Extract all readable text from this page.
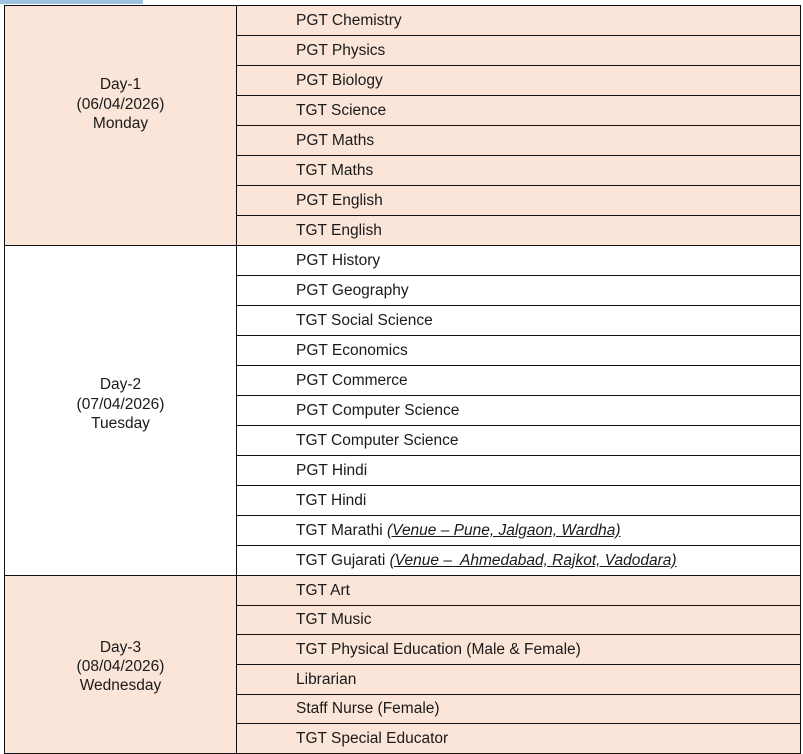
Day-1
(06/04/2026)
Monday	PGT Chemistry
	PGT Physics
	PGT Biology
	TGT Science
	PGT Maths
	TGT Maths
	PGT English
	TGT English

Day-2
(07/04/2026)
Tuesday	PGT History
	PGT Geography
	TGT Social Science
	PGT Economics
	PGT Commerce
	PGT Computer Science
	TGT Computer Science
	PGT Hindi
	TGT Hindi
	TGT Marathi (Venue – Pune, Jalgaon, Wardha)
	TGT Gujarati (Venue –  Ahmedabad, Rajkot, Vadodara)

Day-3
(08/04/2026)
Wednesday	TGT Art
	TGT Music
	TGT Physical Education (Male & Female)
	Librarian
	Staff Nurse (Female)
	TGT Special Educator
